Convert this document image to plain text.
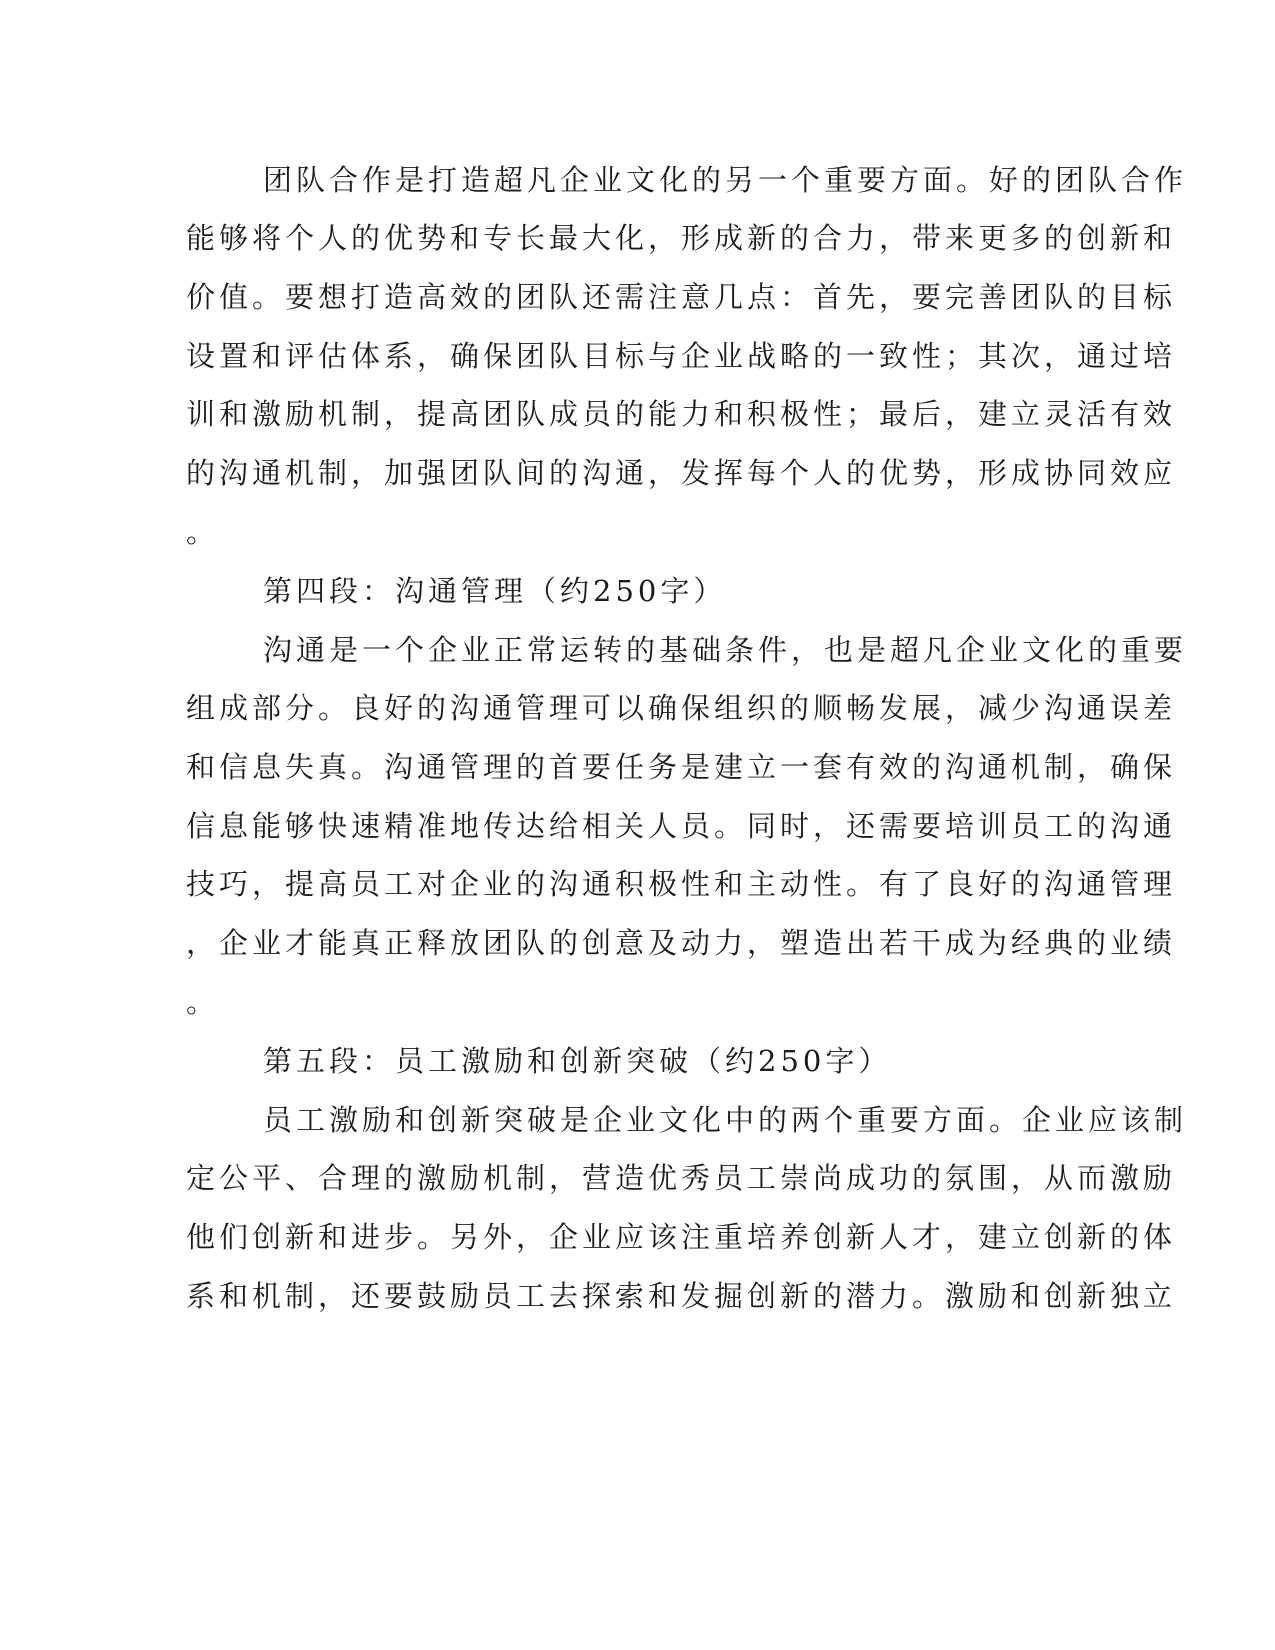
团队合作是打造超凡企业文化的另一个重要方面。好的团队合作
能够将个人的优势和专长最大化，形成新的合力，带来更多的创新和
价值。要想打造高效的团队还需注意几点：首先，要完善团队的目标
设置和评估体系，确保团队目标与企业战略的一致性；其次，通过培
训和激励机制，提高团队成员的能力和积极性；最后，建立灵活有效
的沟通机制，加强团队间的沟通，发挥每个人的优势，形成协同效应
。
第四段：沟通管理（约250字）
沟通是一个企业正常运转的基础条件，也是超凡企业文化的重要
组成部分。良好的沟通管理可以确保组织的顺畅发展，减少沟通误差
和信息失真。沟通管理的首要任务是建立一套有效的沟通机制，确保
信息能够快速精准地传达给相关人员。同时，还需要培训员工的沟通
技巧，提高员工对企业的沟通积极性和主动性。有了良好的沟通管理
，企业才能真正释放团队的创意及动力，塑造出若干成为经典的业绩
。
第五段：员工激励和创新突破（约250字）
员工激励和创新突破是企业文化中的两个重要方面。企业应该制
定公平、合理的激励机制，营造优秀员工崇尚成功的氛围，从而激励
他们创新和进步。另外，企业应该注重培养创新人才，建立创新的体
系和机制，还要鼓励员工去探索和发掘创新的潜力。激励和创新独立
